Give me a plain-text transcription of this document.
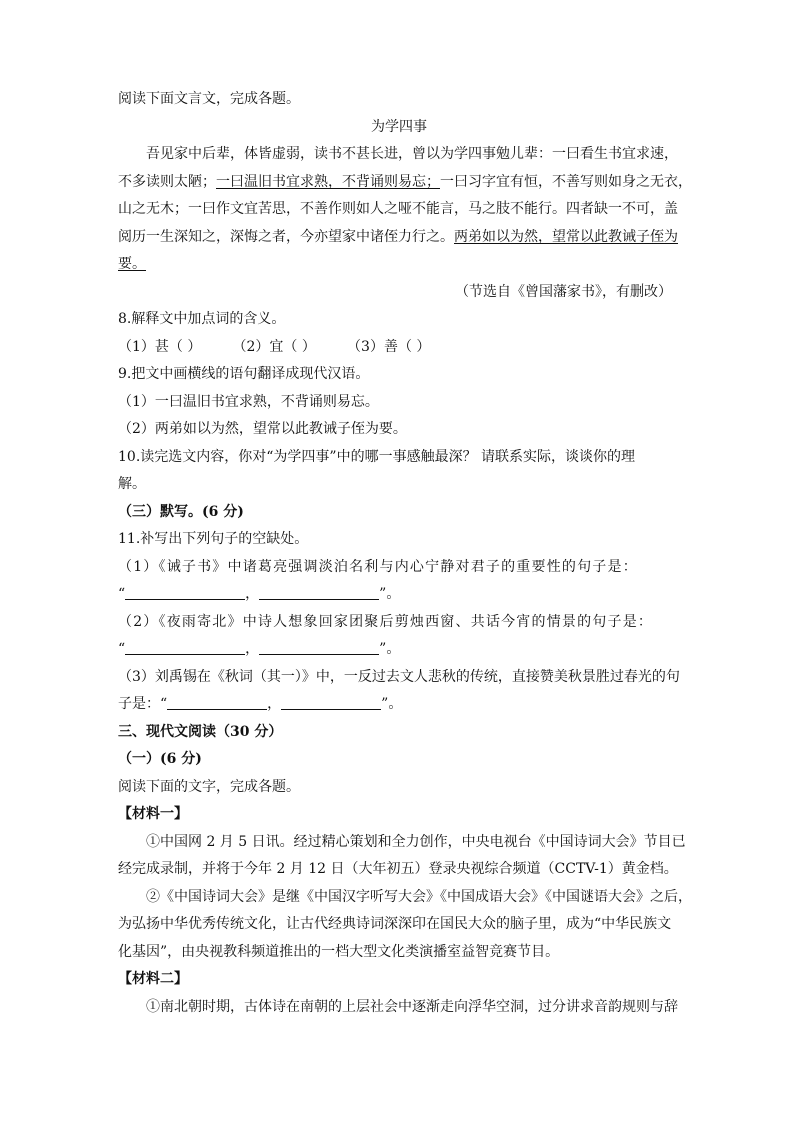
阅读下面文言文，完成各题。
为学四事
吾见家中后辈，体皆虚弱，读书不甚长进，曾以为学四事勉儿辈：一曰看生书宜求速，
不多读则太陋；一曰温旧书宜求熟，不背诵则易忘；一曰习字宜有恒，不善写则如身之无衣，
山之无木；一曰作文宜苦思，不善作则如人之哑不能言，马之肢不能行。四者缺一不可，盖
阅历一生深知之，深悔之者，今亦望家中诸侄力行之。两弟如以为然，望常以此教诫子侄为
要。
（节选自《曾国藩家书》，有删改）
8.解释文中加点词的含义。
（1）甚（ ） （2）宜（ ） （3）善（ ）
9.把文中画横线的语句翻译成现代汉语。
（1）一曰温旧书宜求熟，不背诵则易忘。
（2）两弟如以为然，望常以此教诫子侄为要。
10.读完选文内容，你对“为学四事”中的哪一事感触最深？ 请联系实际，谈谈你的理
解。
（三）默写。(6 分)
11.补写出下列句子的空缺处。
（1）《诫子书》中诸葛亮强调淡泊名利与内心宁静对君子的重要性的句子是：
“	，	”。
（2）《夜雨寄北》中诗人想象回家团聚后剪烛西窗、共话今宵的情景的句子是：
“	，	”。
（3）刘禹锡在《秋词（其一）》中，一反过去文人悲秋的传统，直接赞美秋景胜过春光的句
子是：“	，	”。
三、现代文阅读（30 分）
（一）(6 分)
阅读下面的文字，完成各题。
【材料一】
①中国网 2 月 5 日讯。经过精心策划和全力创作，中央电视台《中国诗词大会》节目已
经完成录制，并将于今年 2 月 12 日（大年初五）登录央视综合频道（CCTV-1）黄金档。
②《中国诗词大会》是继《中国汉字听写大会》《中国成语大会》《中国谜语大会》之后，
为弘扬中华优秀传统文化，让古代经典诗词深深印在国民大众的脑子里，成为“中华民族文
化基因”，由央视教科频道推出的一档大型文化类演播室益智竞赛节目。
【材料二】
①南北朝时期，古体诗在南朝的上层社会中逐渐走向浮华空洞，过分讲求音韵规则与辞
